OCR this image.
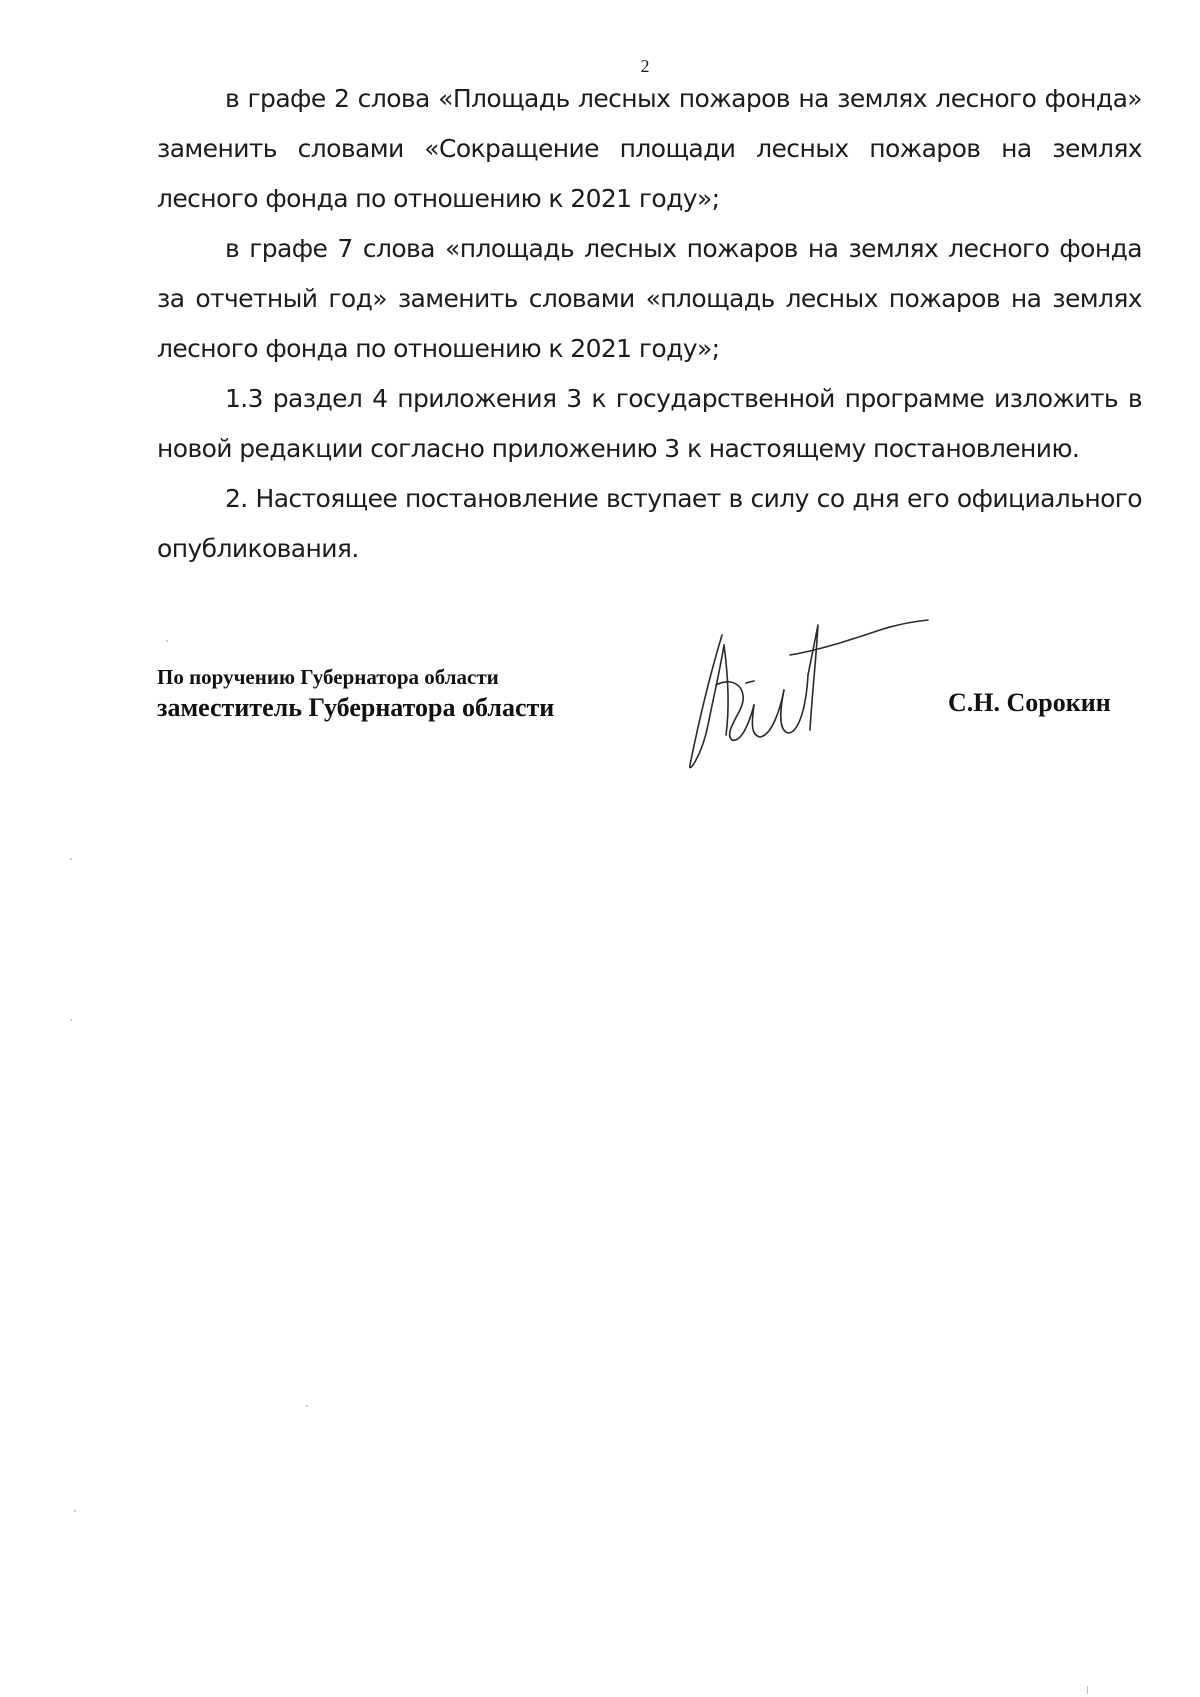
2

в графе 2 слова «Площадь лесных пожаров на землях лесного фонда» заменить словами «Сокращение площади лесных пожаров на землях лесного фонда по отношению к 2021 году»;

в графе 7 слова «площадь лесных пожаров на землях лесного фонда за отчетный год» заменить словами «площадь лесных пожаров на землях лесного фонда по отношению к 2021 году»;

1.3 раздел 4 приложения 3 к государственной программе изложить в новой редакции согласно приложению 3 к настоящему постановлению.

2. Настоящее постановление вступает в силу со дня его официального опубликования.

По поручению Губернатора области
заместитель Губернатора области	С.Н. Сорокин
